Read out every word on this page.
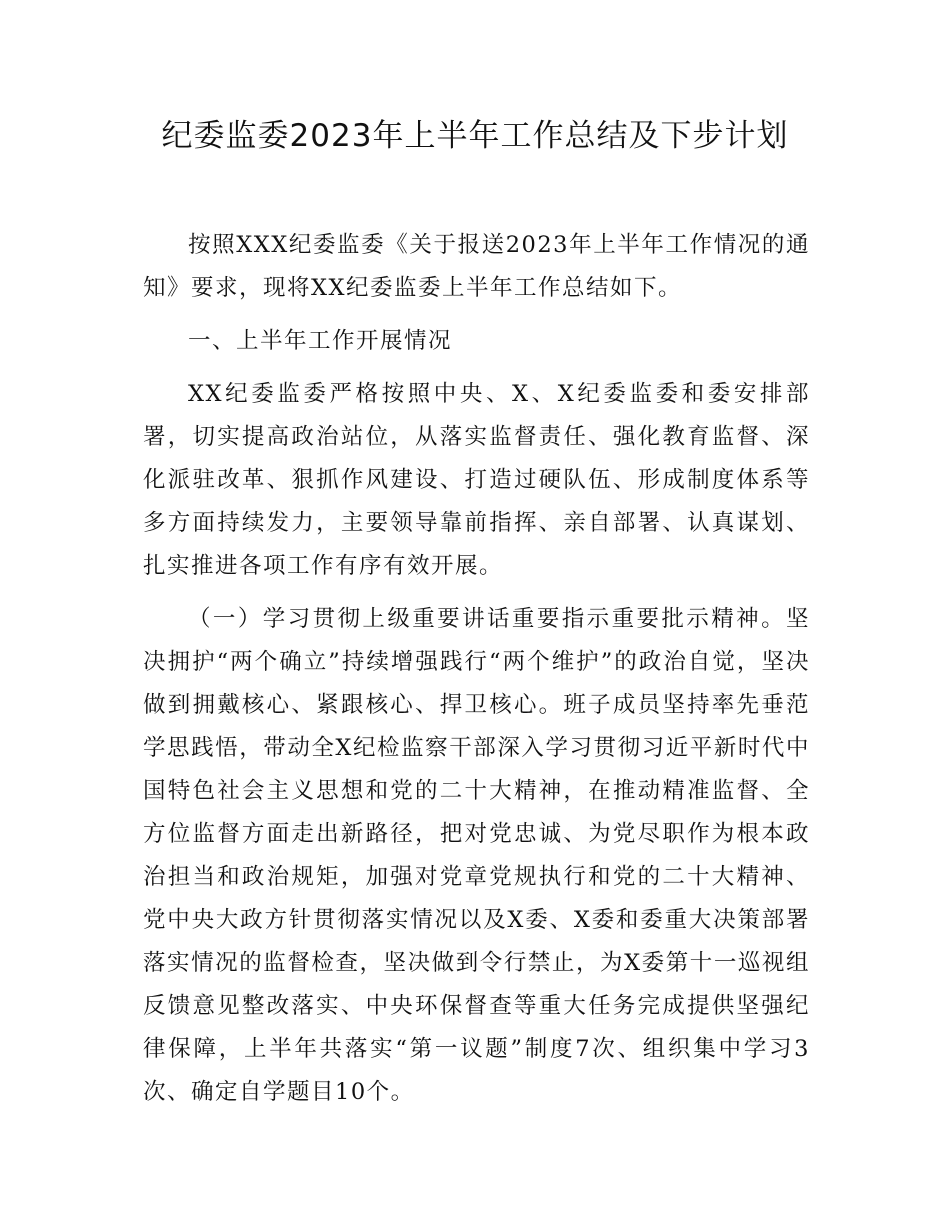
纪委监委2023年上半年工作总结及下步计划

按照XXX纪委监委《关于报送2023年上半年工作情况的通知》要求，现将XX纪委监委上半年工作总结如下。

一、上半年工作开展情况

XX纪委监委严格按照中央、X、X纪委监委和委安排部署，切实提高政治站位，从落实监督责任、强化教育监督、深化派驻改革、狠抓作风建设、打造过硬队伍、形成制度体系等多方面持续发力，主要领导靠前指挥、亲自部署、认真谋划、扎实推进各项工作有序有效开展。

（一）学习贯彻上级重要讲话重要指示重要批示精神。坚决拥护“两个确立”持续增强践行“两个维护”的政治自觉，坚决做到拥戴核心、紧跟核心、捍卫核心。班子成员坚持率先垂范学思践悟，带动全X纪检监察干部深入学习贯彻习近平新时代中国特色社会主义思想和党的二十大精神，在推动精准监督、全方位监督方面走出新路径，把对党忠诚、为党尽职作为根本政治担当和政治规矩，加强对党章党规执行和党的二十大精神、党中央大政方针贯彻落实情况以及X委、X委和委重大决策部署落实情况的监督检查，坚决做到令行禁止，为X委第十一巡视组反馈意见整改落实、中央环保督查等重大任务完成提供坚强纪律保障，上半年共落实“第一议题”制度7次、组织集中学习3次、确定自学题目10个。
